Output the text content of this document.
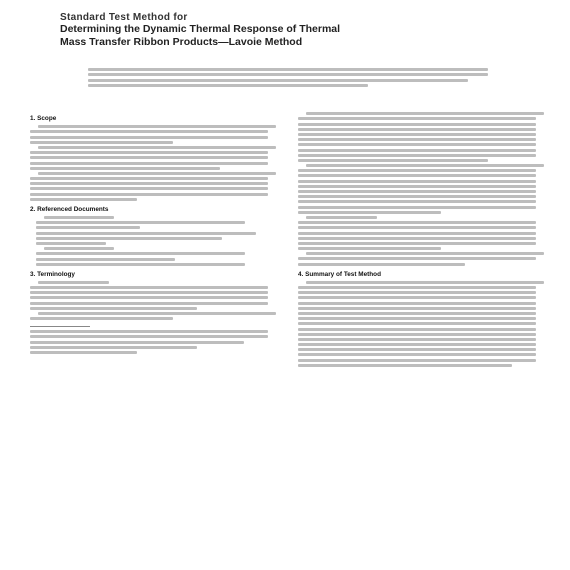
Standard Test Method for
Determining the Dynamic Thermal Response of Thermal
Mass Transfer Ribbon Products—Lavoie Method
1. Scope
2. Referenced Documents
3. Terminology	4. Summary of Test Method
